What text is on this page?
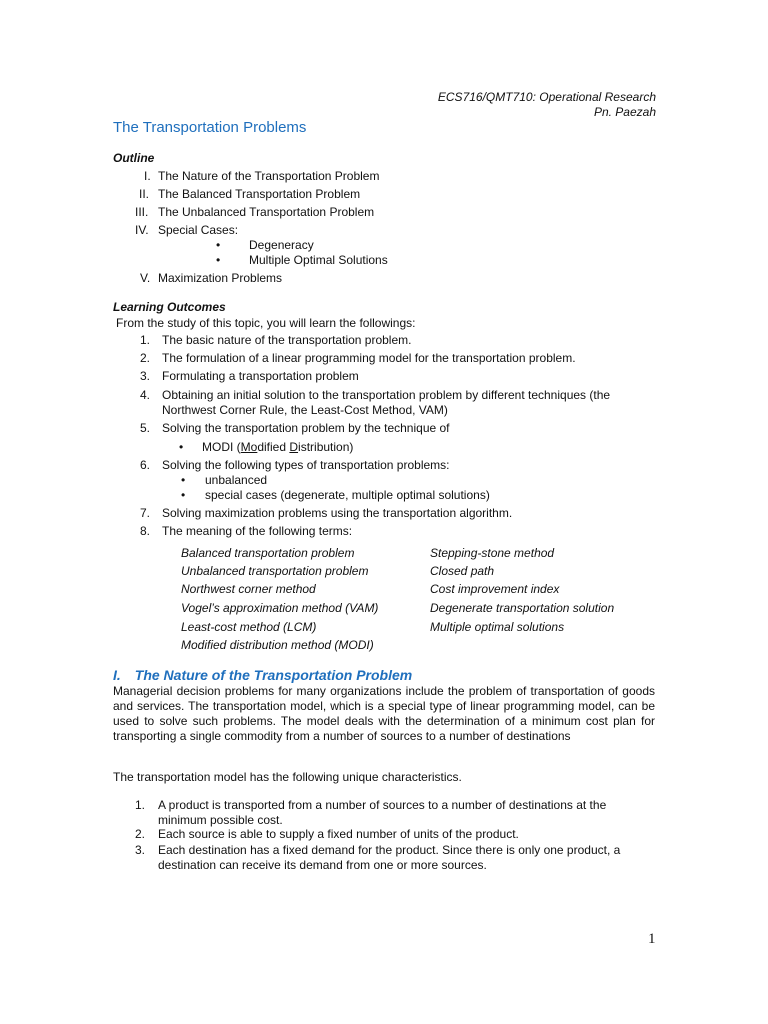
ECS716/QMT710: Operational Research
Pn. Paezah
The Transportation Problems
Outline
I. The Nature of the Transportation Problem
II. The Balanced Transportation Problem
III. The Unbalanced Transportation Problem
IV. Special Cases:
• Degeneracy
• Multiple Optimal Solutions
V. Maximization Problems
Learning Outcomes
From the study of this topic, you will learn the followings:
1. The basic nature of the transportation problem.
2. The formulation of a linear programming model for the transportation problem.
3. Formulating a transportation problem
4. Obtaining an initial solution to the transportation problem by different techniques (the
Northwest Corner Rule, the Least-Cost Method, VAM)
5. Solving the transportation problem by the technique of
• MODI (Modified Distribution)
6. Solving the following types of transportation problems:
• unbalanced
• special cases (degenerate, multiple optimal solutions)
7. Solving maximization problems using the transportation algorithm.
8. The meaning of the following terms:
Balanced transportation problem
Unbalanced transportation problem
Northwest corner method
Vogel’s approximation method (VAM)
Least-cost method (LCM)
Modified distribution method (MODI)
Stepping-stone method
Closed path
Cost improvement index
Degenerate transportation solution
Multiple optimal solutions
I. The Nature of the Transportation Problem
Managerial decision problems for many organizations include the problem of transportation of goods and services. The transportation model, which is a special type of linear programming model, can be used to solve such problems. The model deals with the determination of a minimum cost plan for transporting a single commodity from a number of sources to a number of destinations
The transportation model has the following unique characteristics.
1. A product is transported from a number of sources to a number of destinations at the minimum possible cost.
2. Each source is able to supply a fixed number of units of the product.
3. Each destination has a fixed demand for the product. Since there is only one product, a destination can receive its demand from one or more sources.
1
